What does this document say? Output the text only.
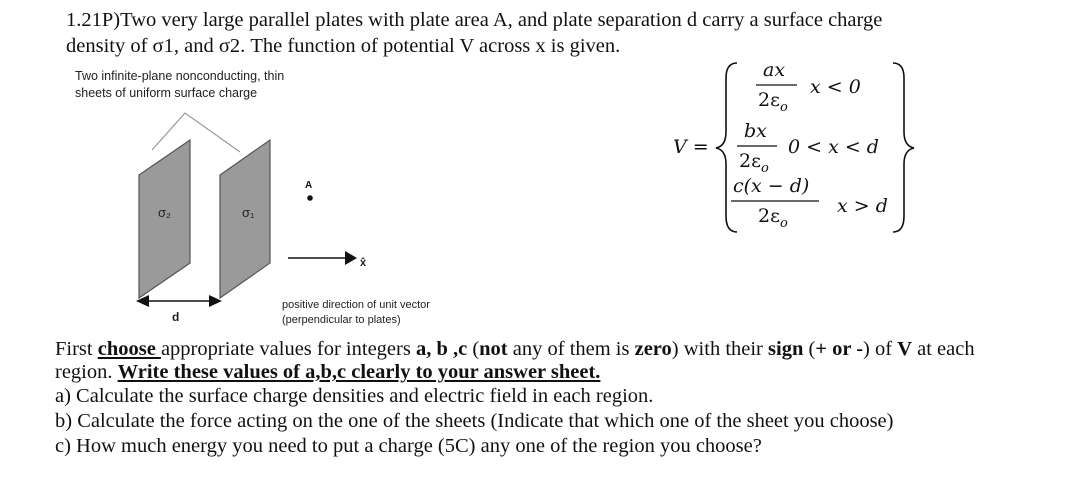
1.21P)Two very large parallel plates with plate area A, and plate separation d carry a surface charge
density of σ1, and σ2. The function of potential V across x is given.
Two infinite-plane nonconducting, thin
sheets of uniform surface charge
σ₂	σ₁
A
x̂
d
positive direction of unit vector
(perpendicular to plates)
V =
ax
$2\varepsilon_o$
x < 0
bx
$2\varepsilon_o$
0 < x < d
c(x − d)
$2\varepsilon_o$
x > d
First choose appropriate values for integers a, b ,c (not any of them is zero) with their sign (+ or -) of V at each
region. Write these values of a,b,c clearly to your answer sheet.
a) Calculate the surface charge densities and electric field in each region.
b) Calculate the force acting on the one of the sheets (Indicate that which one of the sheet you choose)
c) How much energy you need to put a charge (5C) any one of the region you choose?
